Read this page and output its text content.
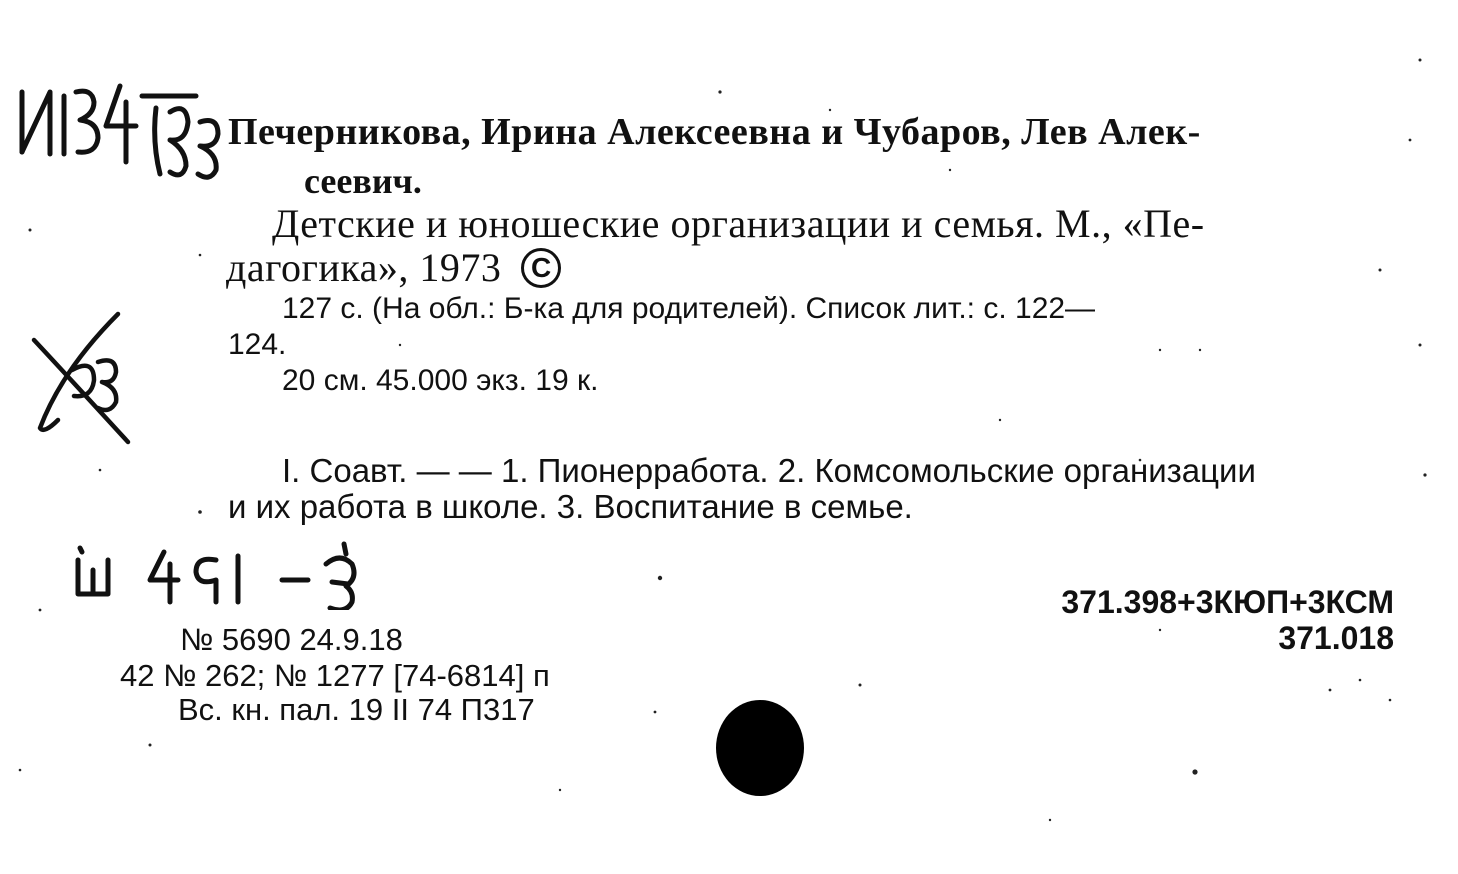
Печерникова, Ирина Алексеевна и Чубаров, Лев Алек-
сеевич.
Детские и юношеские организации и семья. М., «Пе-
дагогика», 1973 С
127 с. (На обл.: Б-ка для родителей). Список лит.: с. 122—
124.
20 см. 45.000 экз. 19 к.
I. Соавт. — — 1. Пионерработа. 2. Комсомольские организации
и их работа в школе. 3. Воспитание в семье.
371.398+3КЮП+3КСМ
371.018
№ 5690 24.9.18
42 № 262; № 1277 [74-6814] п
Вс. кн. пал. 19 II 74 П317
